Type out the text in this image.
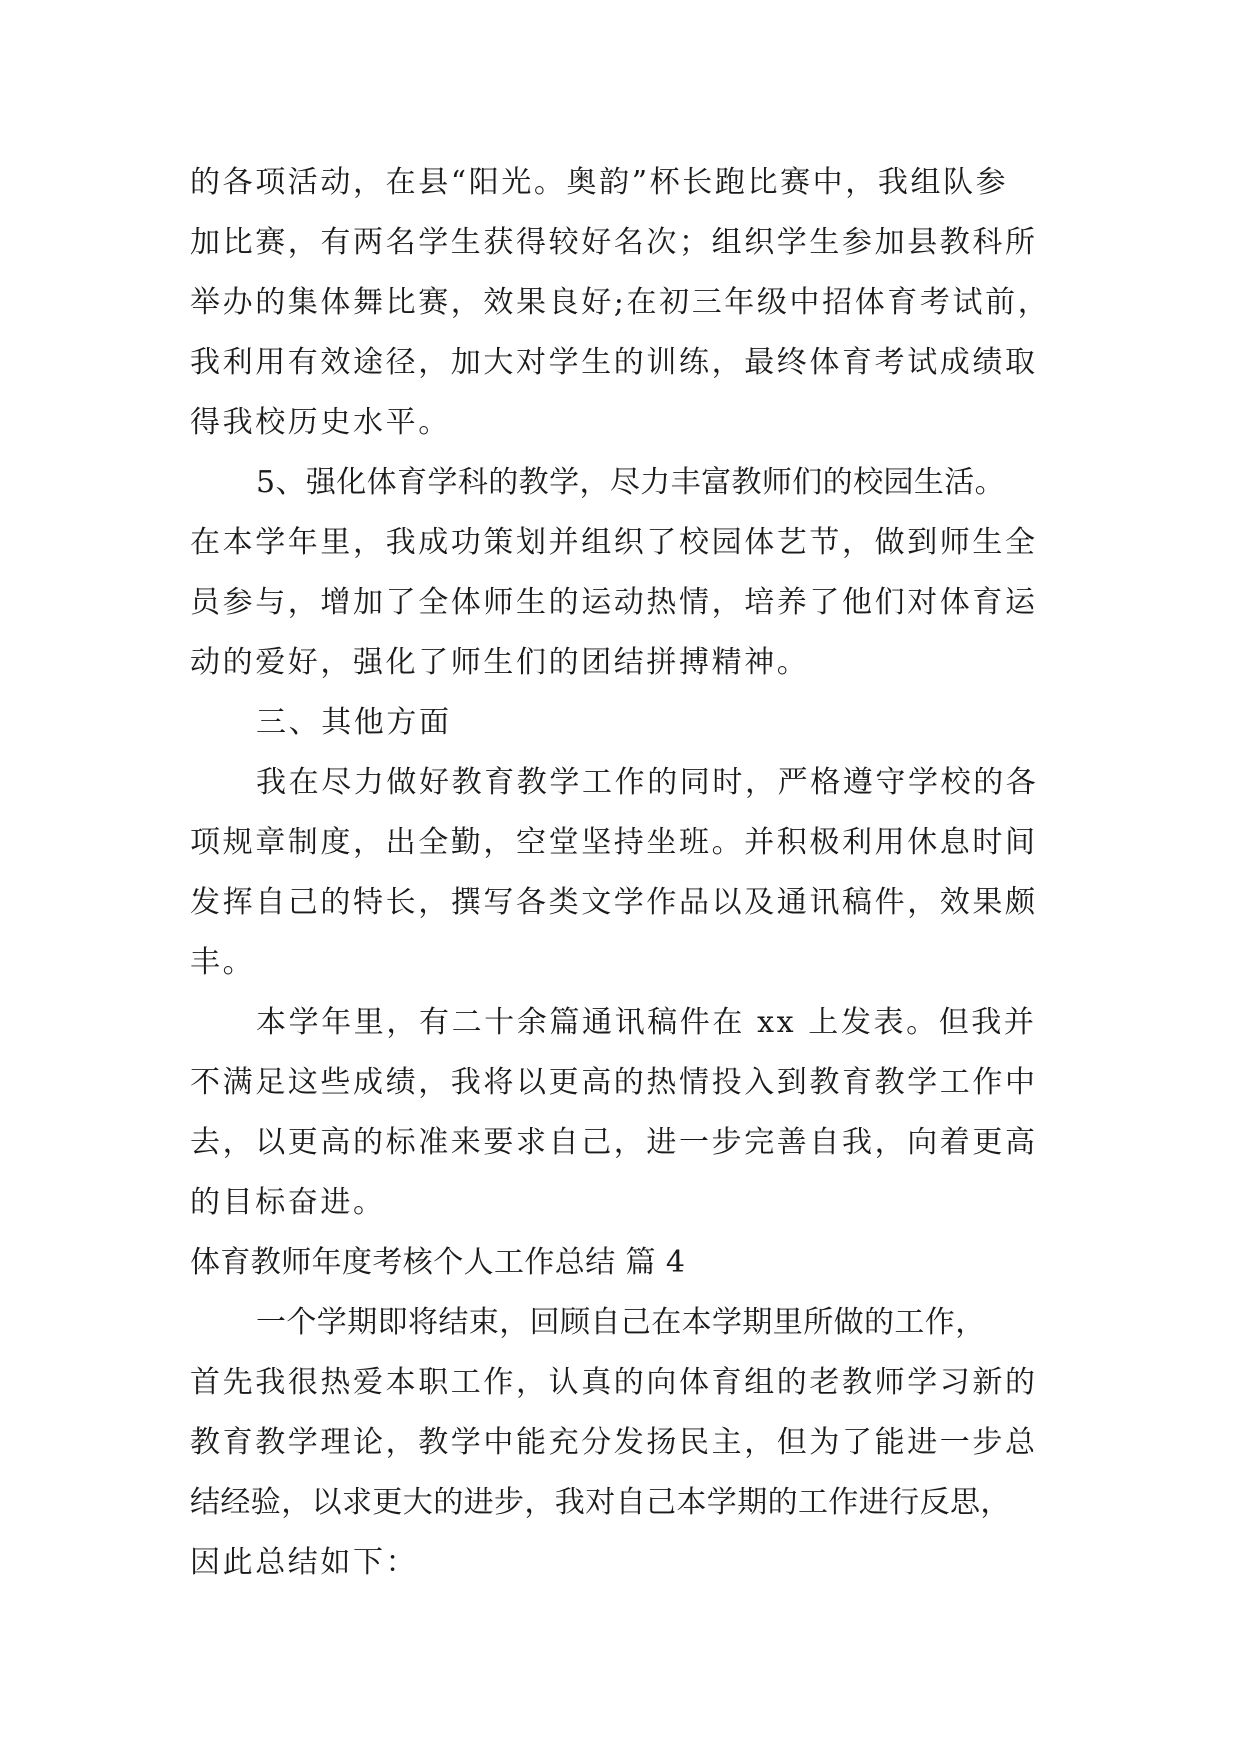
的各项活动，在县“阳光。奥韵”杯长跑比赛中，我组队参
加比赛，有两名学生获得较好名次；组织学生参加县教科所
举办的集体舞比赛，效果良好;在初三年级中招体育考试前，
我利用有效途径，加大对学生的训练，最终体育考试成绩取
得我校历史水平。
5、强化体育学科的教学，尽力丰富教师们的校园生活。
在本学年里，我成功策划并组织了校园体艺节，做到师生全
员参与，增加了全体师生的运动热情，培养了他们对体育运
动的爱好，强化了师生们的团结拼搏精神。
三、其他方面
我在尽力做好教育教学工作的同时，严格遵守学校的各
项规章制度，出全勤，空堂坚持坐班。并积极利用休息时间
发挥自己的特长，撰写各类文学作品以及通讯稿件，效果颇
丰。
本学年里，有二十余篇通讯稿件在 xx 上发表。但我并
不满足这些成绩，我将以更高的热情投入到教育教学工作中
去，以更高的标准来要求自己，进一步完善自我，向着更高
的目标奋进。
体育教师年度考核个人工作总结 篇 4
一个学期即将结束，回顾自己在本学期里所做的工作，
首先我很热爱本职工作，认真的向体育组的老教师学习新的
教育教学理论，教学中能充分发扬民主，但为了能进一步总
结经验，以求更大的进步，我对自己本学期的工作进行反思，
因此总结如下：
